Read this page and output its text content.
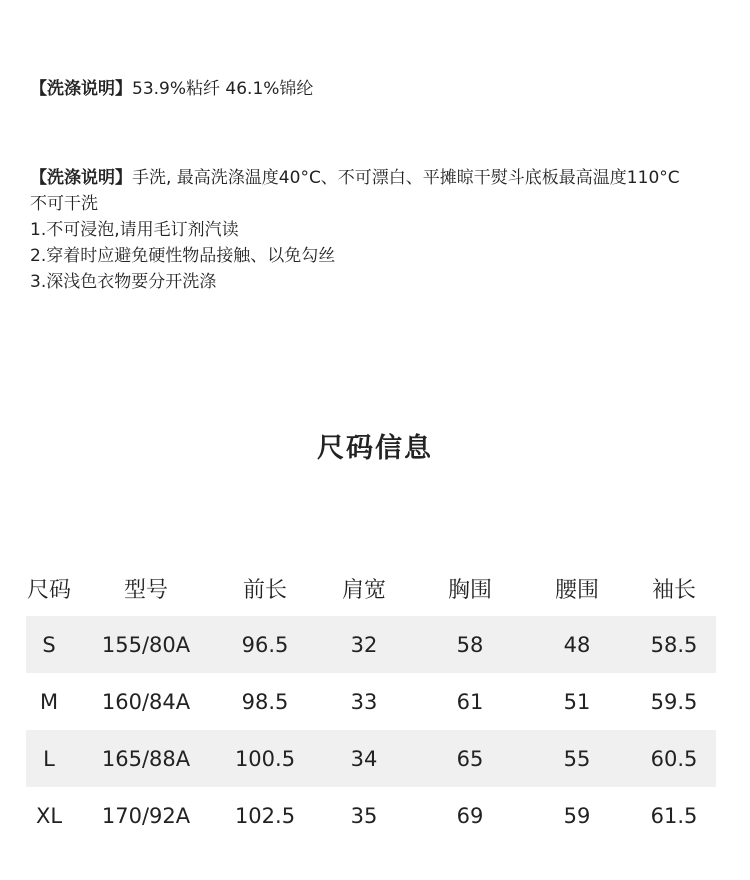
【洗涤说明】53.9%粘纤 46.1%锦纶
【洗涤说明】手洗, 最高洗涤温度40°C、不可漂白、平摊晾干熨斗底板最高温度110°C
不可干洗
1.不可浸泡,请用毛订剂汽读
2.穿着时应避免硬性物品接触、以免勾丝
3.深浅色衣物要分开洗涤
尺码信息
尺码	型号	前长	肩宽	胸围	腰围	袖长
S	155/80A	96.5	32	58	48	58.5
M	160/84A	98.5	33	61	51	59.5
L	165/88A	100.5	34	65	55	60.5
XL	170/92A	102.5	35	69	59	61.5
